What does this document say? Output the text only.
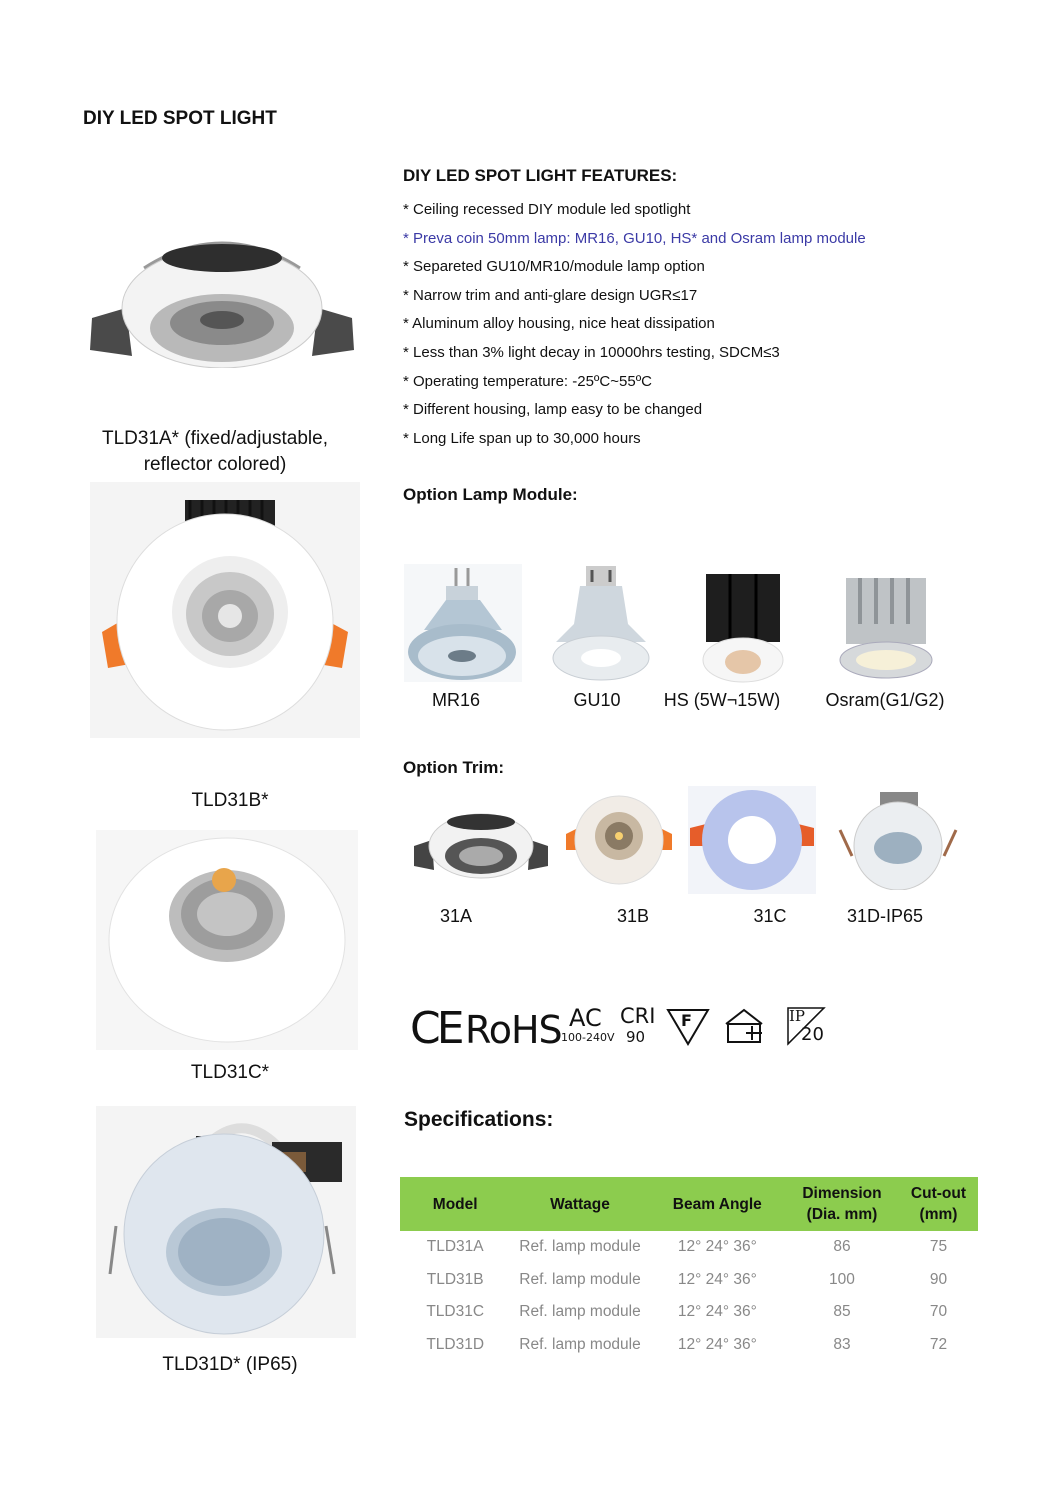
DIY LED SPOT LIGHT
TLD31A* (fixed/adjustable,
reflector colored)
TLD31B*
TLD31C*
TLD31D* (IP65)
DIY LED SPOT LIGHT FEATURES:
* Ceiling recessed DIY module led spotlight
* Preva coin 50mm lamp: MR16, GU10, HS* and Osram lamp module
* Separeted GU10/MR10/module lamp option
* Narrow trim and anti-glare design UGR≤17
* Aluminum alloy housing, nice heat dissipation
* Less than 3% light decay in 10000hrs testing, SDCM≤3
* Operating temperature: -25ºC~55ºC
* Different housing, lamp easy to be changed
* Long Life span up to 30,000 hours
Option Lamp Module:
MR16	GU10	HS (5W¬15W)	Osram(G1/G2)
Option Trim:
31A	31B	31C	31D-IP65
CE RoHS AC
100-240V
CRI
90
F	IP
20
Specifications:
Model	Wattage	Beam Angle	Dimension (Dia. mm)	Cut-out (mm)
TLD31A	Ref. lamp module	12° 24° 36°	86	75
TLD31B	Ref. lamp module	12° 24° 36°	100	90
TLD31C	Ref. lamp module	12° 24° 36°	85	70
TLD31D	Ref. lamp module	12° 24° 36°	83	72
